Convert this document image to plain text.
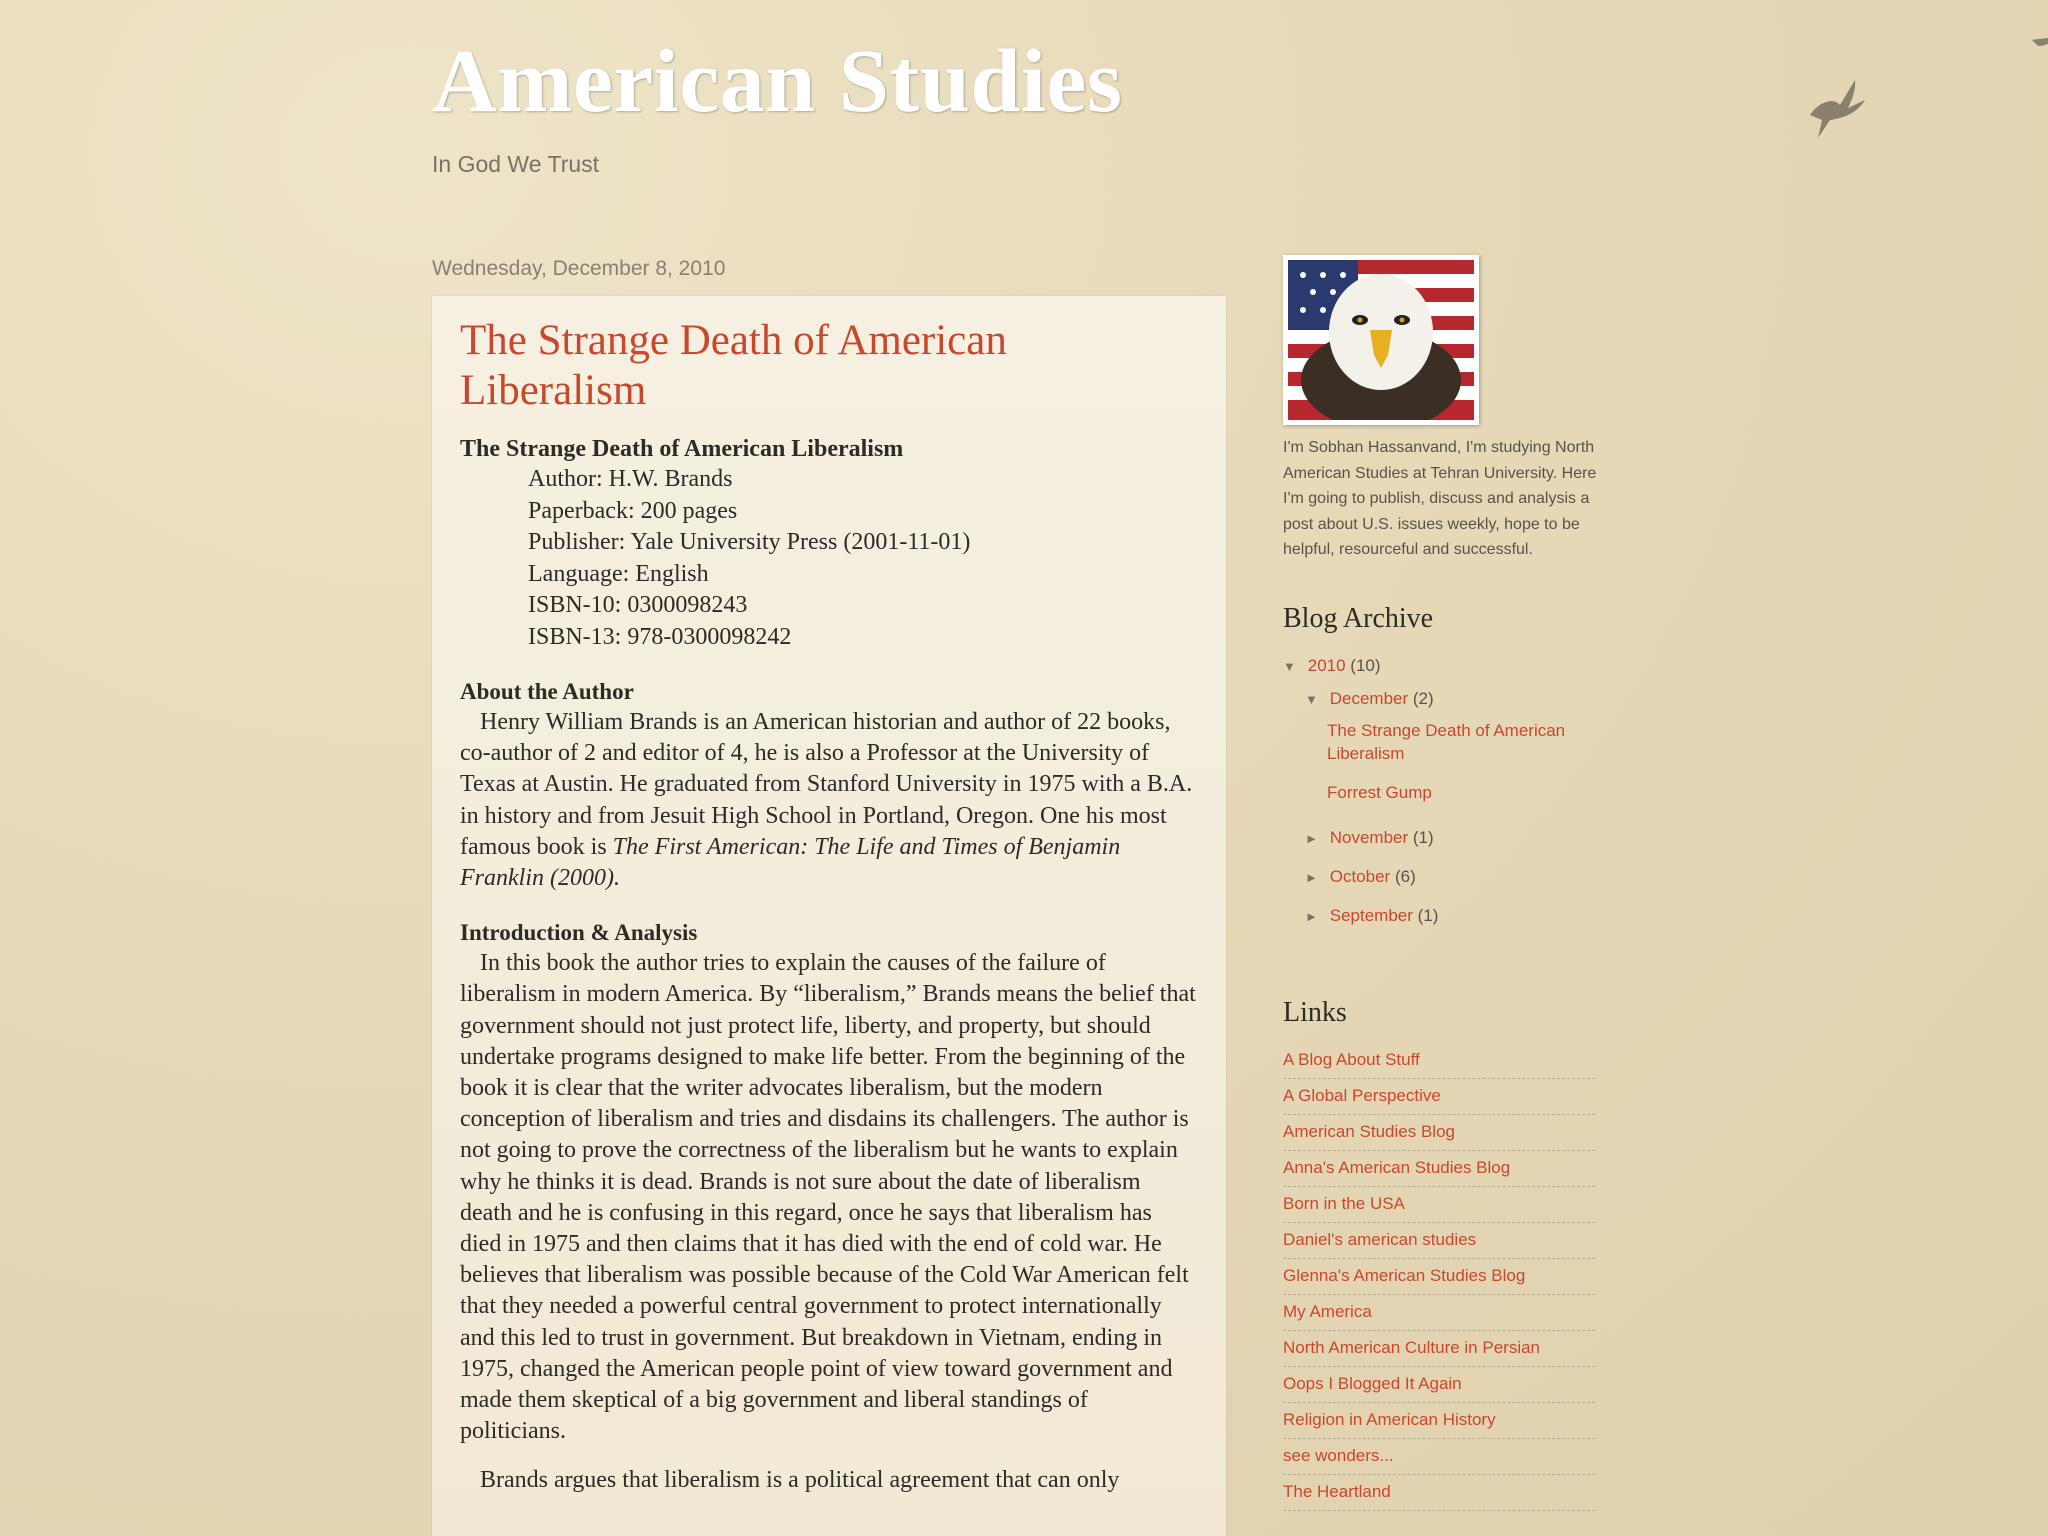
American Studies
In God We Trust
Wednesday, December 8, 2010
The Strange Death of American Liberalism
The Strange Death of American Liberalism
Author: H.W. Brands
Paperback: 200 pages
Publisher: Yale University Press (2001-11-01)
Language: English
ISBN-10: 0300098243
ISBN-13: 978-0300098242
About the Author

Henry William Brands is an American historian and author of 22 books, co-author of 2 and editor of 4, he is also a Professor at the University of Texas at Austin. He graduated from Stanford University in 1975 with a B.A. in history and from Jesuit High School in Portland, Oregon. One his most famous book is The First American: The Life and Times of Benjamin Franklin (2000).

Introduction & Analysis

In this book the author tries to explain the causes of the failure of liberalism in modern America. By “liberalism,” Brands means the belief that government should not just protect life, liberty, and property, but should undertake programs designed to make life better. From the beginning of the book it is clear that the writer advocates liberalism, but the modern conception of liberalism and tries and disdains its challengers. The author is not going to prove the correctness of the liberalism but he wants to explain why he thinks it is dead. Brands is not sure about the date of liberalism death and he is confusing in this regard, once he says that liberalism has died in 1975 and then claims that it has died with the end of cold war. He believes that liberalism was possible because of the Cold War American felt that they needed a powerful central government to protect internationally and this led to trust in government. But breakdown in Vietnam, ending in 1975, changed the American people point of view toward government and made them skeptical of a big government and liberal standings of politicians.

Brands argues that liberalism is a political agreement that can only

I'm Sobhan Hassanvand, I'm studying North American Studies at Tehran University. Here I'm going to publish, discuss and analysis a post about U.S. issues weekly, hope to be helpful, resourceful and successful.
Blog Archive
▼ 2010 (10)
▼ December (2)
The Strange Death of American Liberalism
Forrest Gump
► November (1)
► October (6)
► September (1)
Links
A Blog About Stuff
A Global Perspective
American Studies Blog
Anna's American Studies Blog
Born in the USA
Daniel's american studies
Glenna's American Studies Blog
My America
North American Culture in Persian
Oops I Blogged It Again
Religion in American History
see wonders...
The Heartland
